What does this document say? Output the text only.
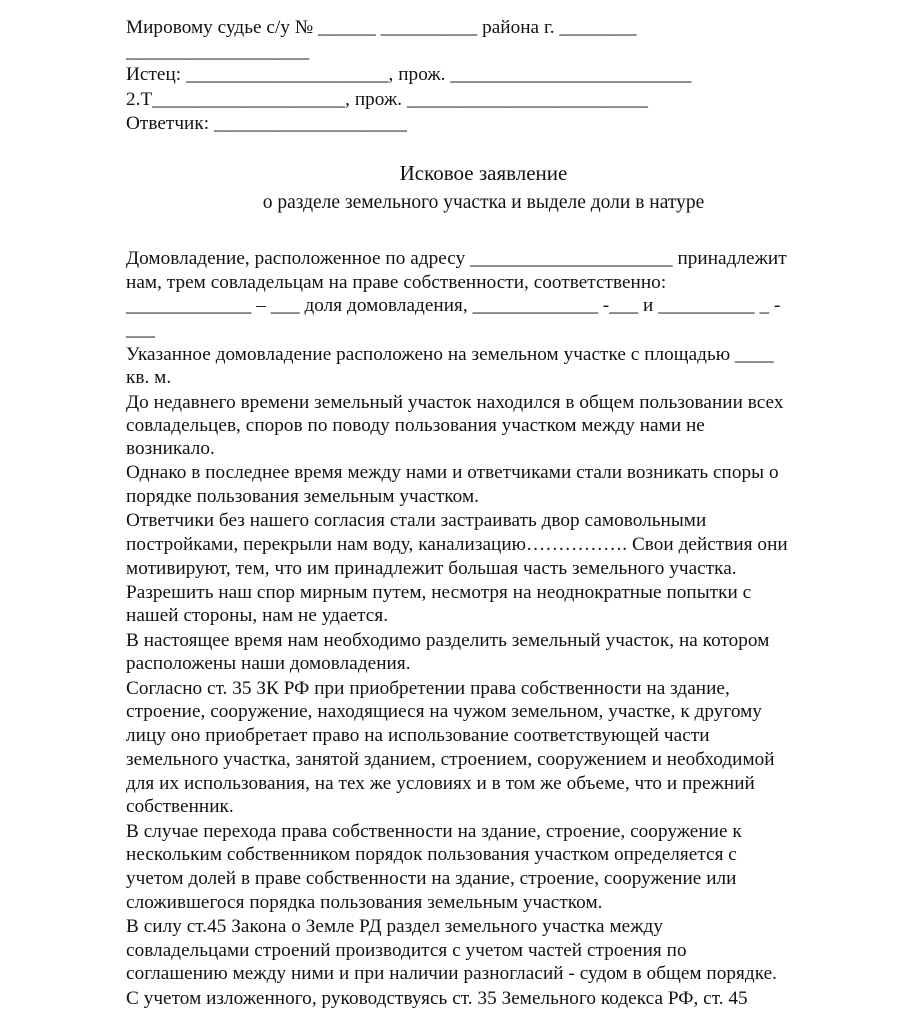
Мировому судье с/у № ______ __________ района г. ________
___________________
Истец: _____________________, прож. _________________________
2.Т____________________, прож. _________________________
Ответчик: ____________________
Исковое заявление
о разделе земельного участка и выделе доли в натуре
Домовладение, расположенное по адресу _____________________ принадлежит
нам, трем совладельцам на праве собственности, соответственно:
_____________ – ___ доля домовладения, _____________ -___ и __________ _ -
___
Указанное домовладение расположено на земельном участке с площадью ____
кв. м.
До недавнего времени земельный участок находился в общем пользовании всех
совладельцев, споров по поводу пользования участком между нами не
возникало.
Однако в последнее время между нами и ответчиками стали возникать споры о
порядке пользования земельным участком.
Ответчики без нашего согласия стали застраивать двор самовольными
постройками, перекрыли нам воду, канализацию……………. Свои действия они
мотивируют, тем, что им принадлежит большая часть земельного участка.
Разрешить наш спор мирным путем, несмотря на неоднократные попытки с
нашей стороны, нам не удается.
В настоящее время нам необходимо разделить земельный участок, на котором
расположены наши домовладения.
Согласно ст. 35 ЗК РФ при приобретении права собственности на здание,
строение, сооружение, находящиеся на чужом земельном, участке, к другому
лицу оно приобретает право на использование соответствующей части
земельного участка, занятой зданием, строением, сооружением и необходимой
для их использования, на тех же условиях и в том же объеме, что и прежний
собственник.
В случае перехода права собственности на здание, строение, сооружение к
нескольким собственником порядок пользования участком определяется с
учетом долей в праве собственности на здание, строение, сооружение или
сложившегося порядка пользования земельным участком.
В силу ст.45 Закона о Земле РД раздел земельного участка между
совладельцами строений производится с учетом частей строения по
соглашению между ними и при наличии разногласий - судом в общем порядке.
С учетом изложенного, руководствуясь ст. 35 Земельного кодекса РФ, ст. 45
